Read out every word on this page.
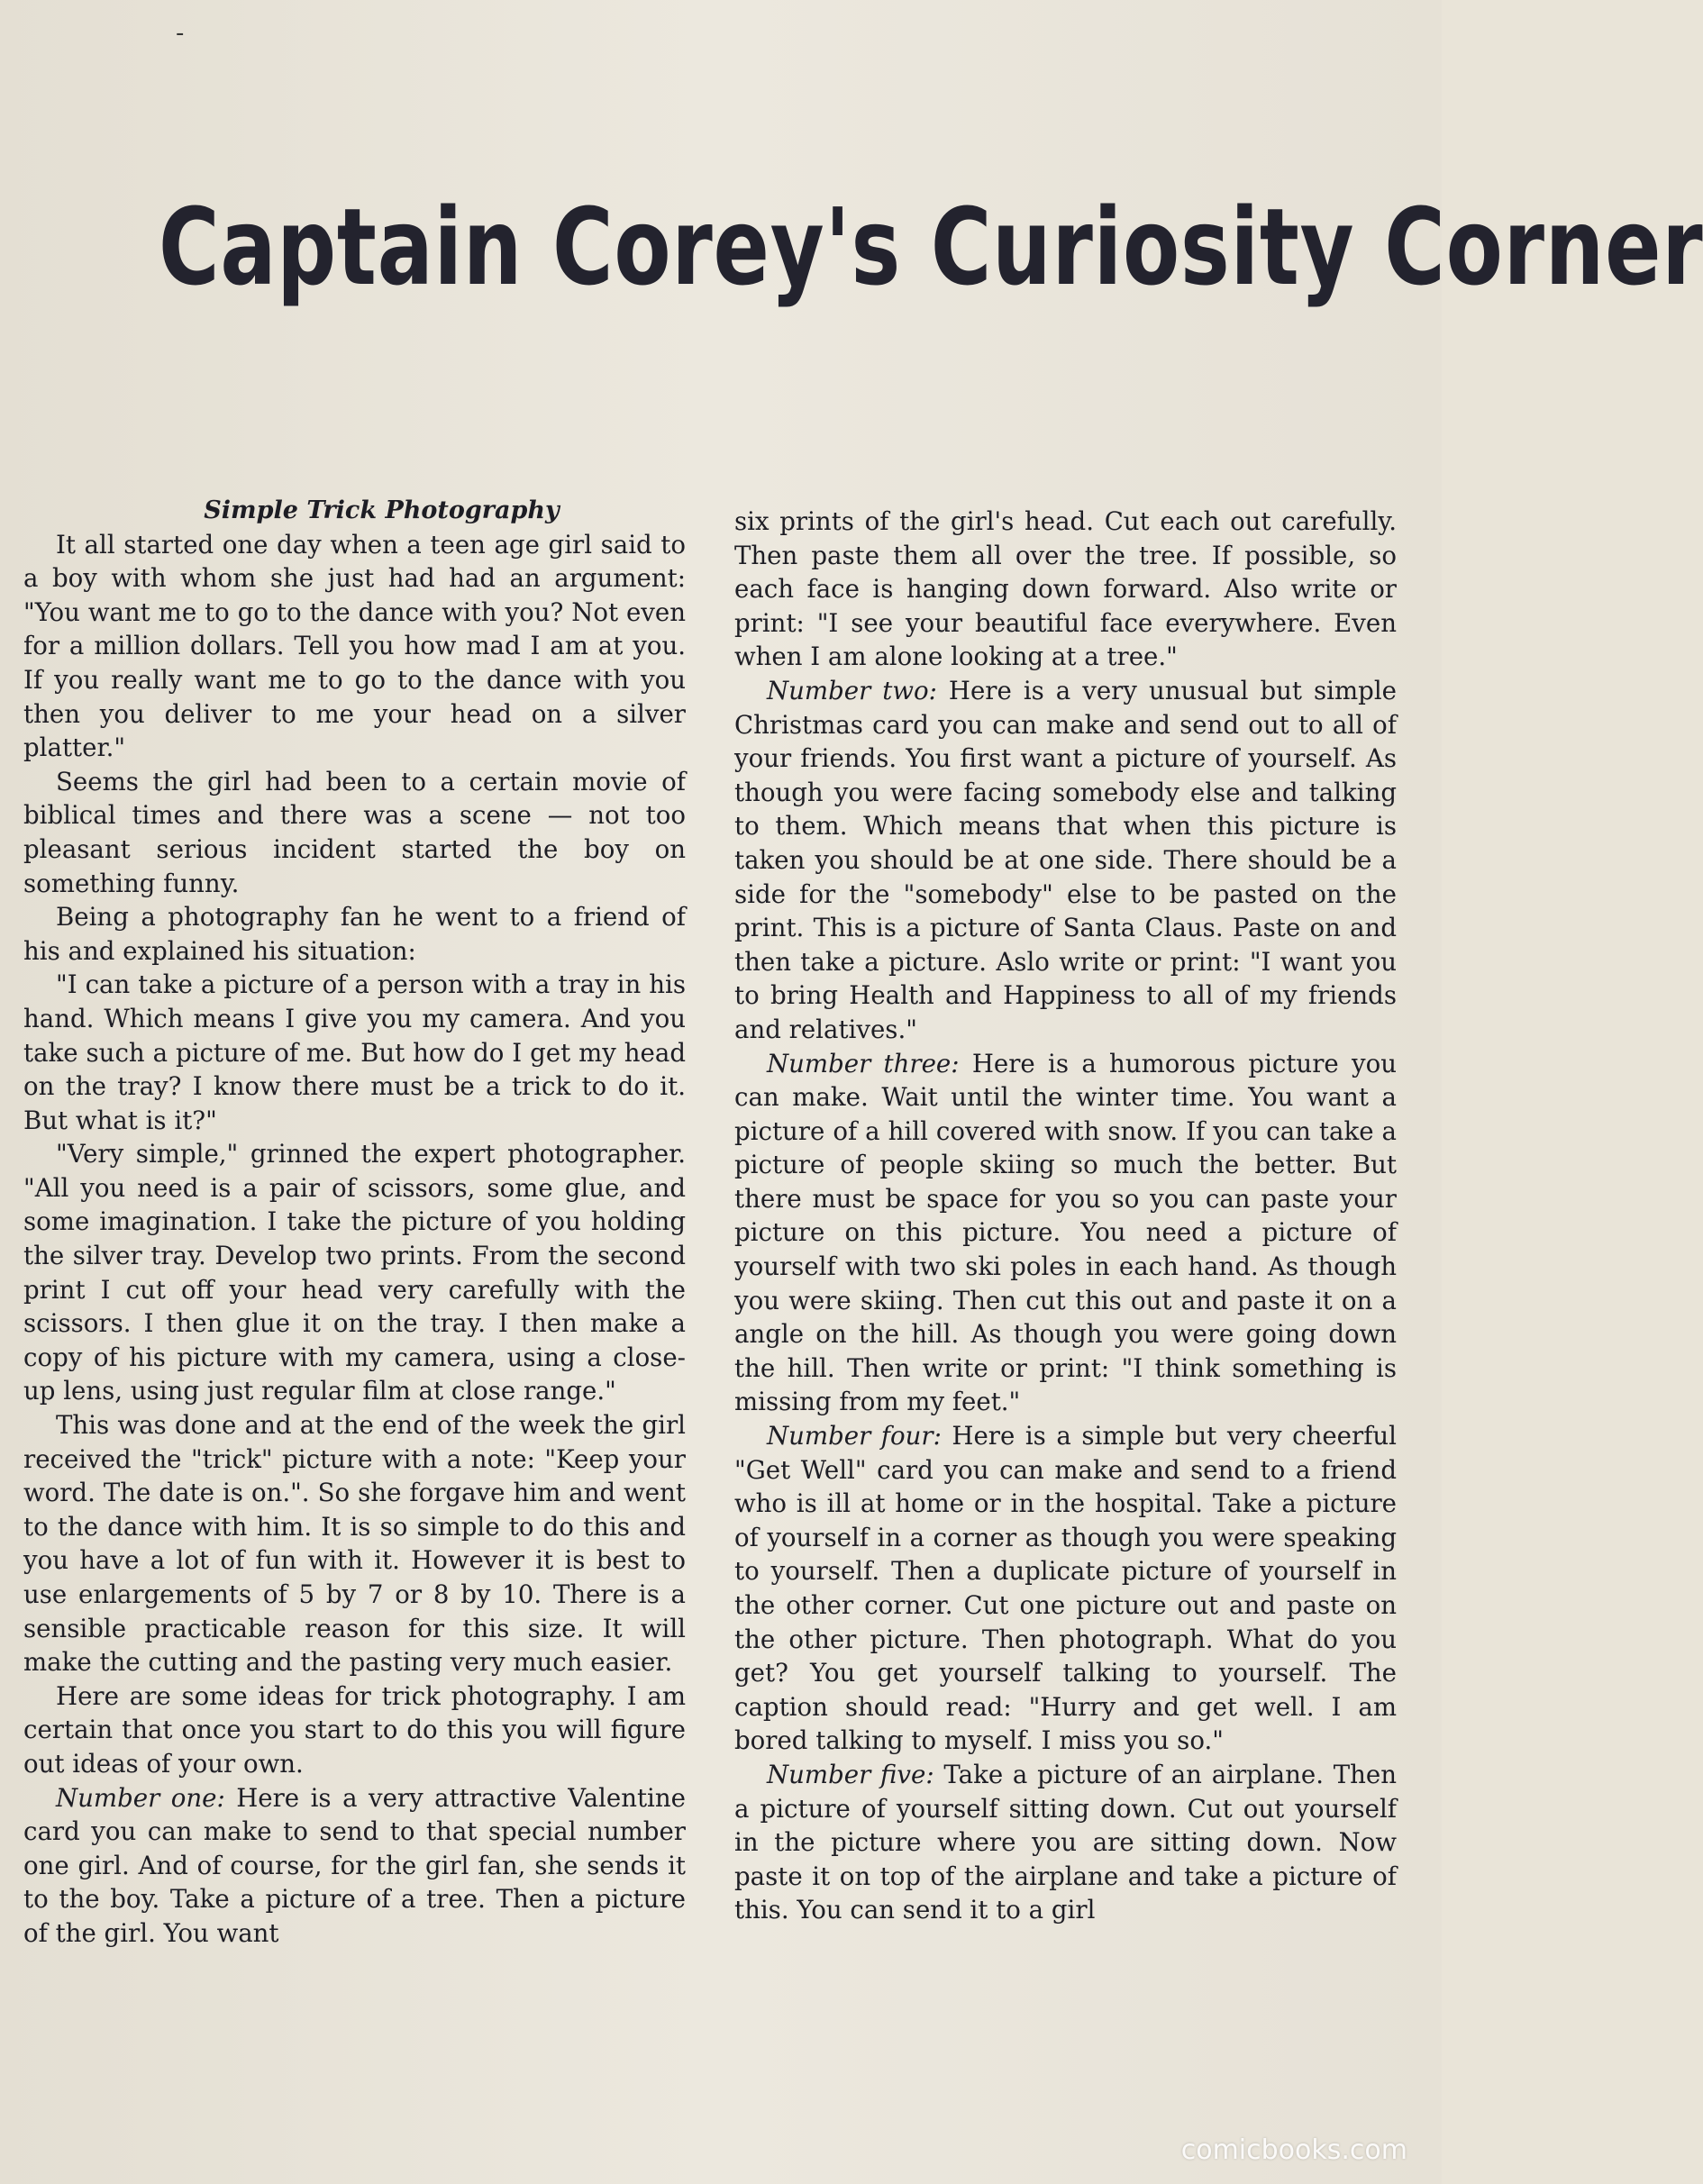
-
Captain Corey's Curiosity Corner

Simple Trick Photography

It all started one day when a teen age girl said to a boy with whom she just had had an argument: "You want me to go to the dance with you? Not even for a million dollars. Tell you how mad I am at you. If you really want me to go to the dance with you then you deliver to me your head on a silver platter."

Seems the girl had been to a certain movie of biblical times and there was a scene — not too pleasant serious incident started the boy on something funny.

Being a photography fan he went to a friend of his and explained his situation:

"I can take a picture of a person with a tray in his hand. Which means I give you my camera. And you take such a picture of me. But how do I get my head on the tray? I know there must be a trick to do it. But what is it?"

"Very simple," grinned the expert photographer. "All you need is a pair of scissors, some glue, and some imagination. I take the picture of you holding the silver tray. Develop two prints. From the second print I cut off your head very carefully with the scissors. I then glue it on the tray. I then make a copy of his picture with my camera, using a close-up lens, using just regular film at close range."

This was done and at the end of the week the girl received the "trick" picture with a note: "Keep your word. The date is on.". So she forgave him and went to the dance with him. It is so simple to do this and you have a lot of fun with it. However it is best to use enlargements of 5 by 7 or 8 by 10. There is a sensible practicable reason for this size. It will make the cutting and the pasting very much easier.

Here are some ideas for trick photography. I am certain that once you start to do this you will figure out ideas of your own.

Number one: Here is a very attractive Valentine card you can make to send to that special number one girl. And of course, for the girl fan, she sends it to the boy. Take a picture of a tree. Then a picture of the girl. You want

six prints of the girl's head. Cut each out carefully. Then paste them all over the tree. If possible, so each face is hanging down forward. Also write or print: "I see your beautiful face everywhere. Even when I am alone looking at a tree."

Number two: Here is a very unusual but simple Christmas card you can make and send out to all of your friends. You first want a picture of yourself. As though you were facing somebody else and talking to them. Which means that when this picture is taken you should be at one side. There should be a side for the "somebody" else to be pasted on the print. This is a picture of Santa Claus. Paste on and then take a picture. Aslo write or print: "I want you to bring Health and Happiness to all of my friends and relatives."

Number three: Here is a humorous picture you can make. Wait until the winter time. You want a picture of a hill covered with snow. If you can take a picture of people skiing so much the better. But there must be space for you so you can paste your picture on this picture. You need a picture of yourself with two ski poles in each hand. As though you were skiing. Then cut this out and paste it on a angle on the hill. As though you were going down the hill. Then write or print: "I think something is missing from my feet."

Number four: Here is a simple but very cheerful "Get Well" card you can make and send to a friend who is ill at home or in the hospital. Take a picture of yourself in a corner as though you were speaking to yourself. Then a duplicate picture of yourself in the other corner. Cut one picture out and paste on the other picture. Then photograph. What do you get? You get yourself talking to yourself. The caption should read: "Hurry and get well. I am bored talking to myself. I miss you so."

Number five: Take a picture of an airplane. Then a picture of yourself sitting down. Cut out yourself in the picture where you are sitting down. Now paste it on top of the airplane and take a picture of this. You can send it to a girl

comicbooks.com
